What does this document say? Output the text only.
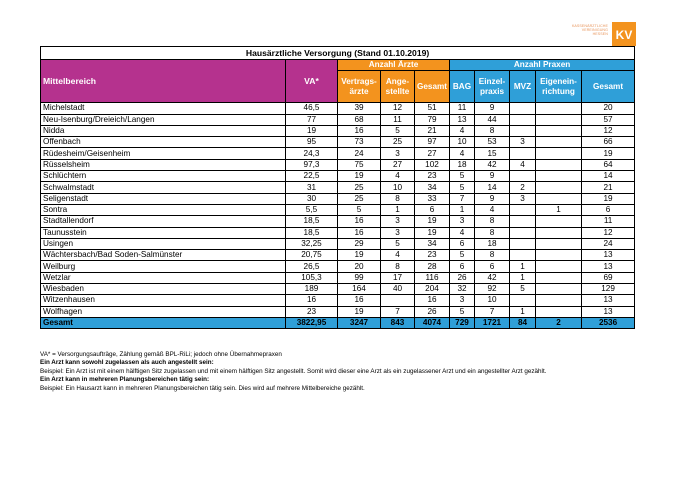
KASSENÄRZTLICHE
VEREINIGUNG
HESSEN KV
Hausärztliche Versorgung (Stand 01.10.2019)									
Mittelbereich	VA*	Anzahl Ärzte			Anzahl Praxen				
		Vertrags-ärzte	Ange-stellte	Gesamt	BAG	Einzel-praxis	MVZ	Eigenein-richtung	Gesamt
Michelstadt	46,5	39	12	51	11	9			20
Neu-Isenburg/Dreieich/Langen	77	68	11	79	13	44			57
Nidda	19	16	5	21	4	8			12
Offenbach	95	73	25	97	10	53	3		66
Rüdesheim/Geisenheim	24,3	24	3	27	4	15			19
Rüsselsheim	97,3	75	27	102	18	42	4		64
Schlüchtern	22,5	19	4	23	5	9			14
Schwalmstadt	31	25	10	34	5	14	2		21
Seligenstadt	30	25	8	33	7	9	3		19
Sontra	5,5	5	1	6	1	4		1	6
Stadtallendorf	18,5	16	3	19	3	8			11
Taunusstein	18,5	16	3	19	4	8			12
Usingen	32,25	29	5	34	6	18			24
Wächtersbach/Bad Soden-Salmünster	20,75	19	4	23	5	8			13
Weilburg	26,5	20	8	28	6	6	1		13
Wetzlar	105,3	99	17	116	26	42	1		69
Wiesbaden	189	164	40	204	32	92	5		129
Witzenhausen	16	16		16	3	10			13
Wolfhagen	23	19	7	26	5	7	1		13
Gesamt	3822,95	3247	843	4074	729	1721	84	2	2536
VA* = Versorgungsaufträge, Zählung gemäß BPL-RiLi; jedoch ohne Übernahmepraxen
Ein Arzt kann sowohl zugelassen als auch angestellt sein:
Beispiel: Ein Arzt ist mit einem hälftigen Sitz zugelassen und mit einem hälftigen Sitz angestellt. Somit wird dieser eine Arzt als ein zugelassener Arzt und ein angestellter Arzt gezählt.
Ein Arzt kann in mehreren Planungsbereichen tätig sein:
Beispiel: Ein Hausarzt kann in mehreren Planungsbereichen tätig sein. Dies wird auf mehrere Mittelbereiche gezählt.
